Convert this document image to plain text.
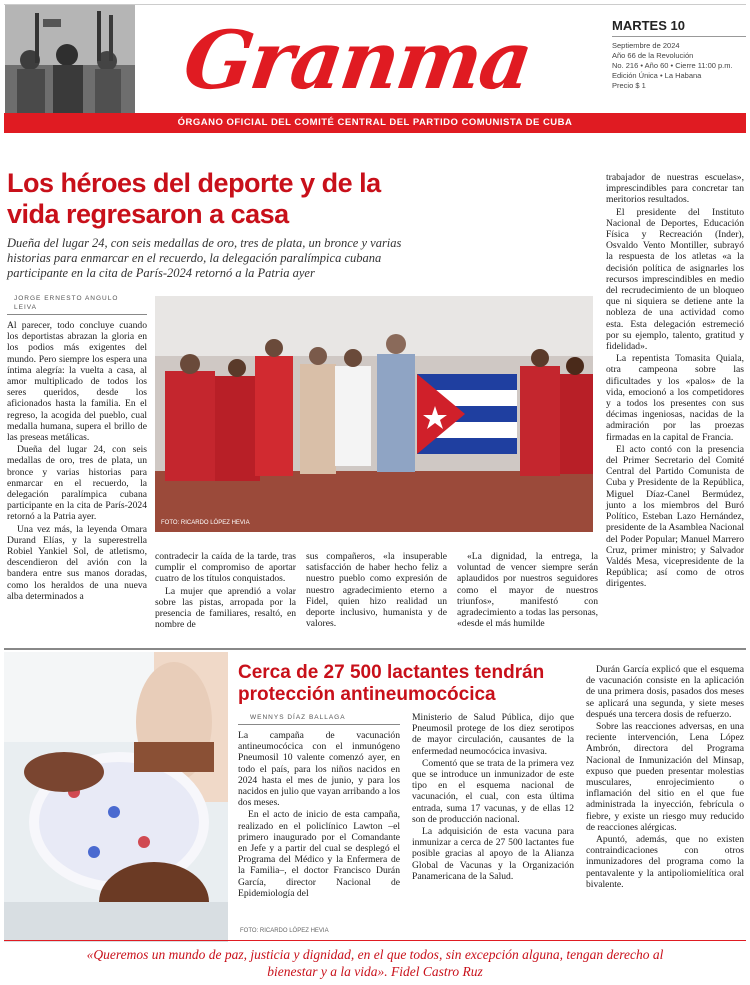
Granma	MARTES 10
Septiembre de 2024
Año 66 de la Revolución
No. 216 • Año 60 • Cierre 11:00 p.m.
Edición Única • La Habana
Precio $ 1
ÓRGANO OFICIAL DEL COMITÉ CENTRAL DEL PARTIDO COMUNISTA DE CUBA
Los héroes del deporte y de la vida regresaron a casa
Dueña del lugar 24, con seis medallas de oro, tres de plata, un bronce y varias historias para enmarcar en el recuerdo, la delegación paralímpica cubana participante en la cita de París-2024 retornó a la Patria ayer
JORGE ERNESTO ANGULO
LEIVA

Al parecer, todo concluye cuando los deportistas abrazan la gloria en los podios más exigentes del mundo. Pero siempre los espera una íntima alegría: la vuelta a casa, al amor multiplicado de todos los seres queridos, desde los aficionados hasta la familia. En el regreso, la acogida del pueblo, cual medalla humana, supera el brillo de las preseas metálicas.

Dueña del lugar 24, con seis medallas de oro, tres de plata, un bronce y varias historias para enmarcar en el recuerdo, la delegación paralímpica cubana participante en la cita de París-2024 retornó a la Patria ayer.

Una vez más, la leyenda Omara Durand Elías, y la superestrella Robiel Yankiel Sol, de atletismo, descendieron del avión con la bandera entre sus manos doradas, como los heraldos de una nueva alba determinados a

FOTO: RICARDO LÓPEZ HEVIA

contradecir la caída de la tarde, tras cumplir el compromiso de aportar cuatro de los títulos conquistados.

La mujer que aprendió a volar sobre las pistas, arropada por la presencia de familiares, resaltó, en nombre de

sus compañeros, «la insuperable satisfacción de haber hecho feliz a nuestro pueblo como expresión de nuestro agradecimiento eterno a Fidel, quien hizo realidad un deporte inclusivo, humanista y de valores.

«La dignidad, la entrega, la voluntad de vencer siempre serán aplaudidos por nuestros seguidores como el mayor de nuestros triunfos», manifestó con agradecimiento a todas las personas, «desde el más humilde

trabajador de nuestras escuelas», imprescindibles para concretar tan meritorios resultados.

El presidente del Instituto Nacional de Deportes, Educación Física y Recreación (Inder), Osvaldo Vento Montiller, subrayó la respuesta de los atletas «a la decisión política de asignarles los recursos imprescindibles en medio del recrudecimiento de un bloqueo que ni siquiera se detiene ante la nobleza de una actividad como esta. Esta delegación estremeció por su ejemplo, talento, gratitud y fidelidad».

La repentista Tomasita Quiala, otra campeona sobre las dificultades y los «palos» de la vida, emocionó a los competidores y a todos los presentes con sus décimas ingeniosas, nacidas de la admiración por las proezas firmadas en la capital de Francia.

El acto contó con la presencia del Primer Secretario del Comité Central del Partido Comunista de Cuba y Presidente de la República, Miguel Díaz-Canel Bermúdez, junto a los miembros del Buró Político, Esteban Lazo Hernández, presidente de la Asamblea Nacional del Poder Popular; Manuel Marrero Cruz, primer ministro; y Salvador Valdés Mesa, vicepresidente de la República; así como de otros dirigentes.

Cerca de 27 500 lactantes tendrán protección antineumocócica
WENNYS DÍAZ BALLAGA

La campaña de vacunación antineumocócica con el inmunógeno Pneumosil 10 valente comenzó ayer, en todo el país, para los niños nacidos en 2024 hasta el mes de junio, y para los nacidos en julio que vayan arribando a los dos meses.

En el acto de inicio de esta campaña, realizado en el policlínico Lawton –el primero inaugurado por el Comandante en Jefe y a partir del cual se desplegó el Programa del Médico y la Enfermera de la Familia–, el doctor Francisco Durán García, director Nacional de Epidemiología del

Ministerio de Salud Pública, dijo que Pneumosil protege de los diez serotipos de mayor circulación, causantes de la enfermedad neumocócica invasiva.

Comentó que se trata de la primera vez que se introduce un inmunizador de este tipo en el esquema nacional de vacunación, el cual, con esta última entrada, suma 17 vacunas, y de ellas 12 son de producción nacional.

La adquisición de esta vacuna para inmunizar a cerca de 27 500 lactantes fue posible gracias al apoyo de la Alianza Global de Vacunas y la Organización Panamericana de la Salud.

Durán García explicó que el esquema de vacunación consiste en la aplicación de una primera dosis, pasados dos meses se aplicará una segunda, y siete meses después una tercera dosis de refuerzo.

Sobre las reacciones adversas, en una reciente intervención, Lena López Ambrón, directora del Programa Nacional de Inmunización del Minsap, expuso que pueden presentar molestias musculares, enrojecimiento o inflamación del sitio en el que fue administrada la inyección, febrícula o fiebre, y existe un riesgo muy reducido de reacciones alérgicas.

Apuntó, además, que no existen contraindicaciones con otros inmunizadores del programa como la pentavalente y la antipoliomielítica oral bivalente.

FOTO: RICARDO LÓPEZ HEVIA
«Queremos un mundo de paz, justicia y dignidad, en el que todos, sin excepción alguna, tengan derecho al bienestar y a la vida». Fidel Castro Ruz
